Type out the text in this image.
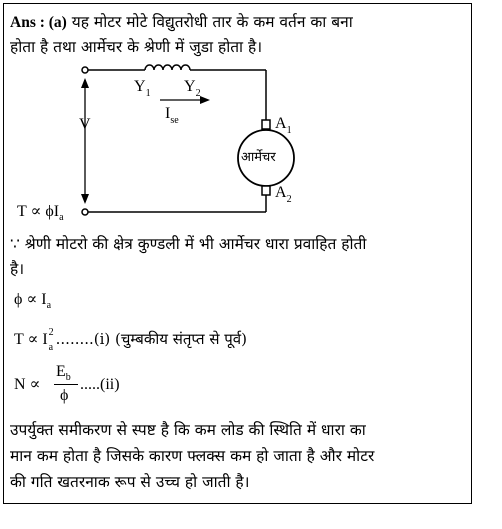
Ans : (a) यह मोटर मोटे विद्युतरोधी तार के कम वर्तन का बना
होता है तथा आर्मेचर के श्रेणी में जुडा होता है।
V
$Y_1$ $Y_2$
$I_{se}$	$A_1$
$A_2$
आर्मेचर
$T \propto \phi I_a$
∵ श्रेणी मोटरो की क्षेत्र कुण्डली में भी आर्मेचर धारा प्रवाहित होती
है।
$\phi \propto I_a$
T ∝ I 2
a ........(i) (चुम्बकीय संतृप्त से पूर्व)
N ∝
$E_b$
ϕ
.....(ii)
उपर्युक्त समीकरण से स्पष्ट है कि कम लोड की स्थिति में धारा का
मान कम होता है जिसके कारण फ्लक्स कम हो जाता है और मोटर
की गति खतरनाक रूप से उच्च हो जाती है।
